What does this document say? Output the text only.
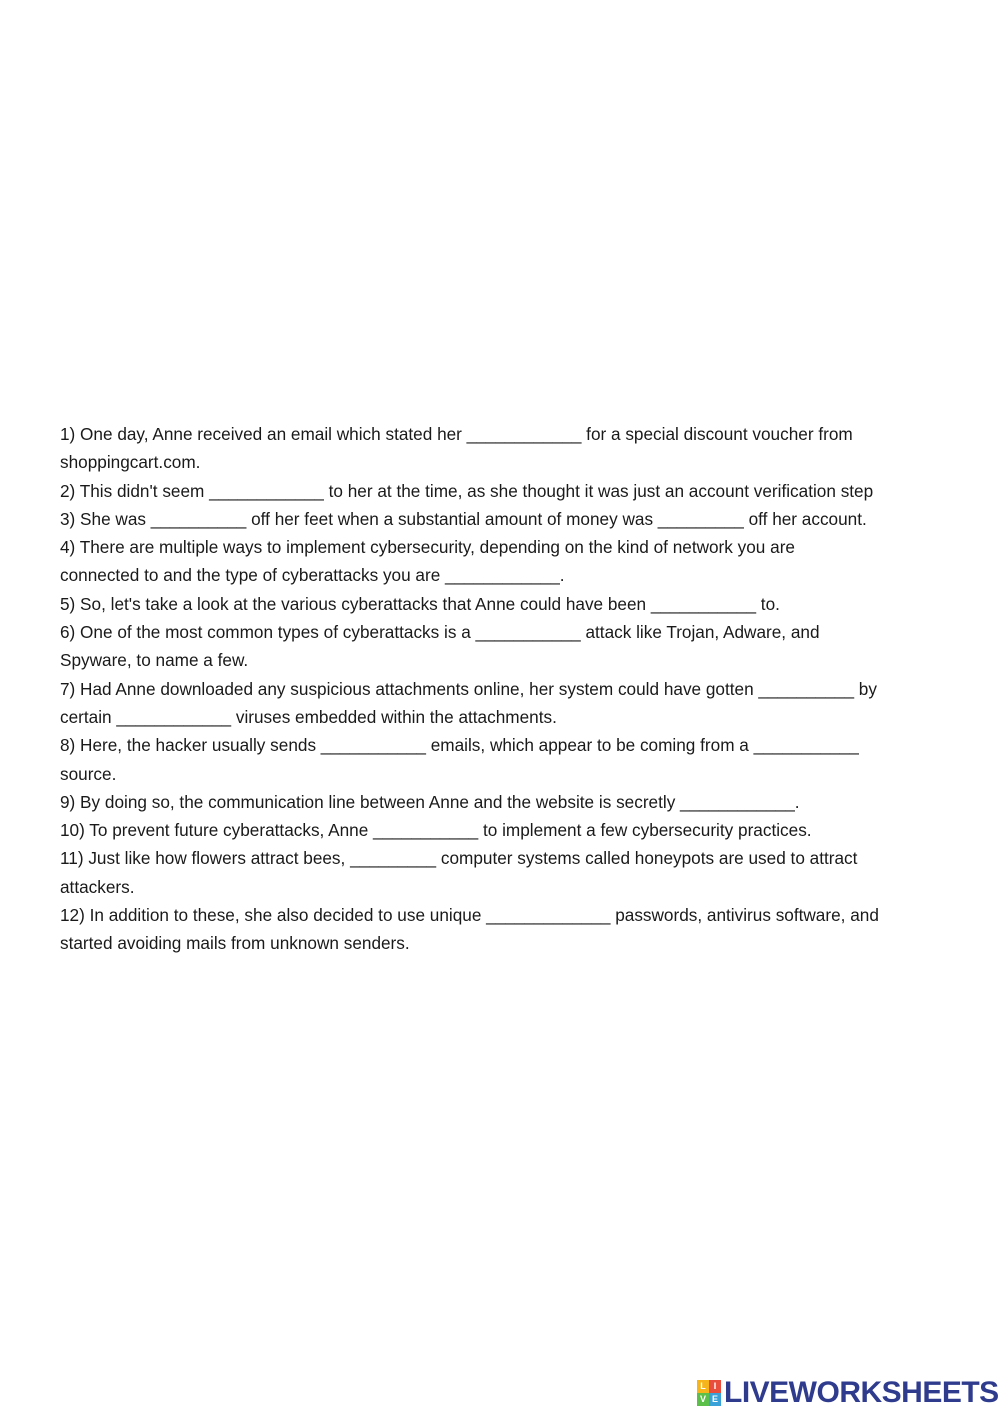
1) One day, Anne received an email which stated her ____________ for a special discount voucher from
shoppingcart.com.
2) This didn't seem ____________ to her at the time, as she thought it was just an account verification step
3) She was __________ off her feet when a substantial amount of money was _________ off her account.
4) There are multiple ways to implement cybersecurity, depending on the kind of network you are
connected to and the type of cyberattacks you are ____________.
5) So, let's take a look at the various cyberattacks that Anne could have been ___________ to.
6) One of the most common types of cyberattacks is a ___________ attack like Trojan, Adware, and
Spyware, to name a few.
7) Had Anne downloaded any suspicious attachments online, her system could have gotten __________ by
certain ____________ viruses embedded within the attachments.
8) Here, the hacker usually sends ___________ emails, which appear to be coming from a ___________
source.
9) By doing so, the communication line between Anne and the website is secretly ____________.
10) To prevent future cyberattacks, Anne ___________ to implement a few cybersecurity practices.
11) Just like how flowers attract bees, _________ computer systems called honeypots are used to attract
attackers.
12) In addition to these, she also decided to use unique _____________ passwords, antivirus software, and
started avoiding mails from unknown senders.
L I
V E LIVEWORKSHEETS
